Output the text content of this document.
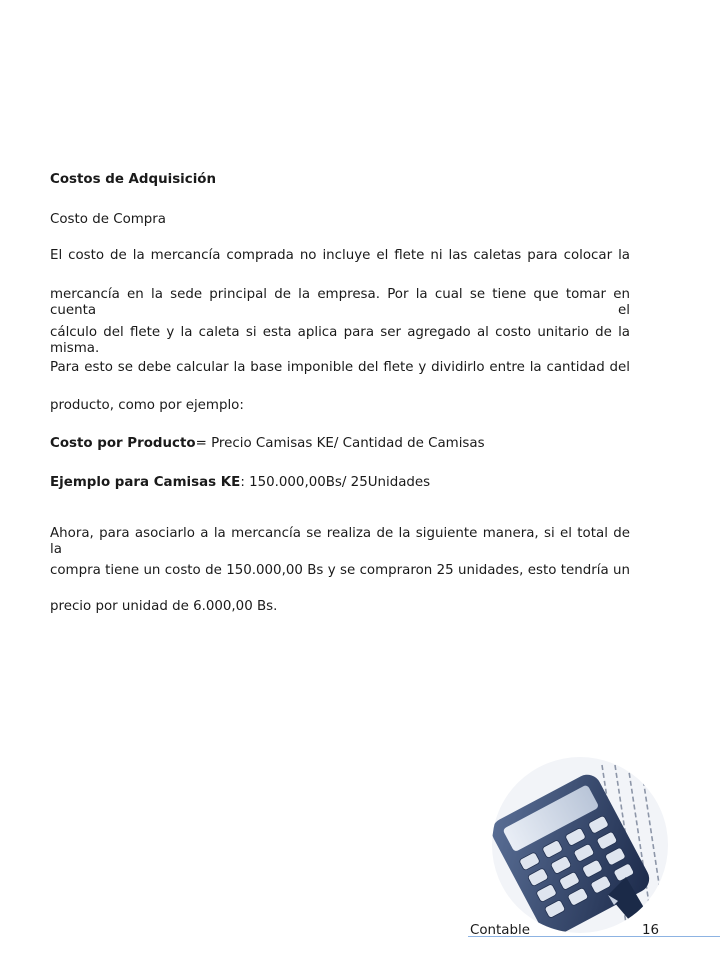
Costos de Adquisición
Costo de Compra
El costo de la mercancía comprada no incluye el flete ni las caletas para colocar la
mercancía en la sede principal de la empresa. Por la cual se tiene que tomar en cuenta el
cálculo del flete y la caleta si esta aplica para ser agregado al costo unitario de la misma.
Para esto se debe calcular la base imponible del flete y dividirlo entre la cantidad del
producto, como por ejemplo:
Costo por Producto= Precio Camisas KE/ Cantidad de Camisas
Ejemplo para Camisas KE: 150.000,00Bs/ 25Unidades
Ahora, para asociarlo a la mercancía se realiza de la siguiente manera, si el total de la
compra tiene un costo de 150.000,00 Bs y se compraron 25 unidades, esto tendría un
precio por unidad de 6.000,00 Bs.
Contable	16
